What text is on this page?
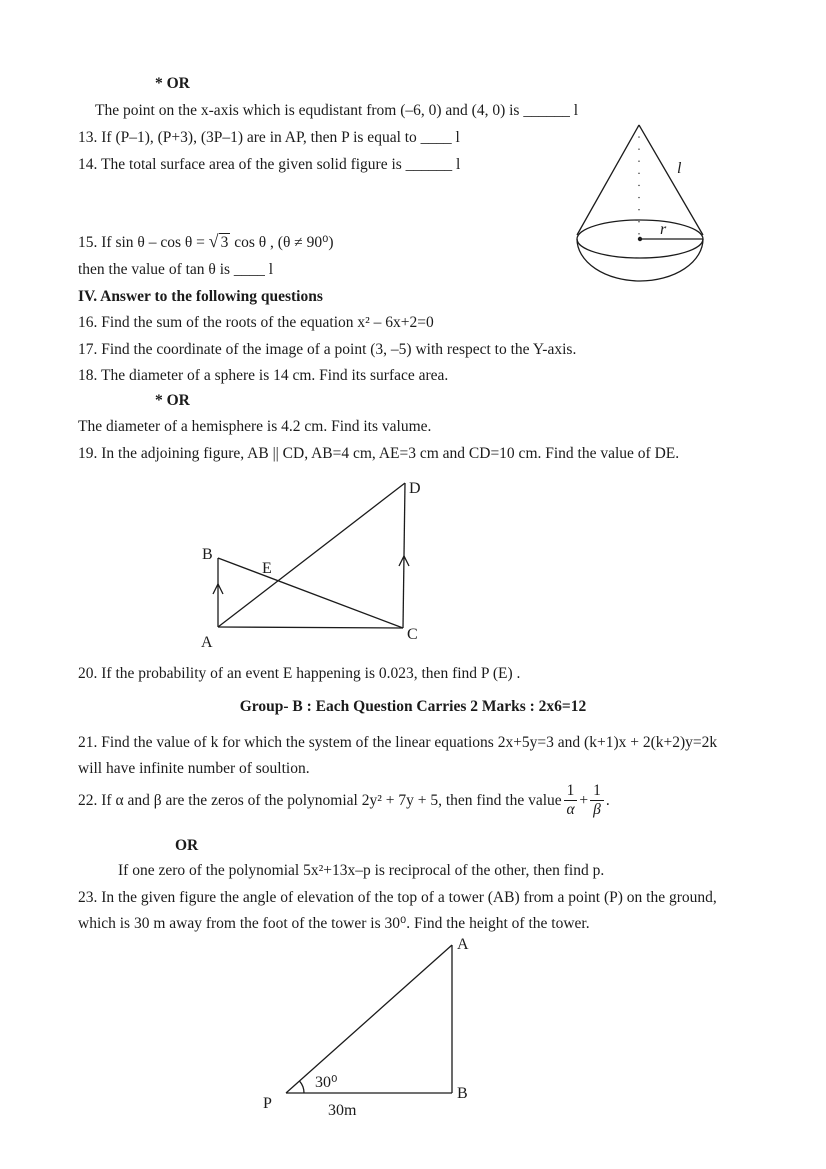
* OR
The point on the x-axis which is equdistant from (–6, 0) and (4, 0) is ______ l
13. If (P–1), (P+3), (3P–1) are in AP, then P is equal to ____ l
14. The total surface area of the given solid figure is ______ l	l
r
15. If sin θ – cos θ = √ 3 cos θ , (θ ≠ 90⁰)
then the value of tan θ is ____ l
IV. Answer to the following questions
16. Find the sum of the roots of the equation x² – 6x+2=0
17. Find the coordinate of the image of a point (3, –5) with respect to the Y-axis.
18. The diameter of a sphere is 14 cm. Find its surface area.
* OR
The diameter of a hemisphere is 4.2 cm. Find its valume.
19. In the adjoining figure, AB || CD, AB=4 cm, AE=3 cm and CD=10 cm. Find the value of DE.
A
B
C
D
E
20. If the probability of an event E happening is 0.023, then find P (E) .
Group- B : Each Question Carries 2 Marks : 2x6=12
21. Find the value of k for which the system of the linear equations 2x+5y=3 and (k+1)x + 2(k+2)y=2k
will have infinite number of soultion.
22. If α and β are the zeros of the polynomial 2y² + 7y + 5, then find the value $\frac{1}{\alpha} + \frac{1}{\beta}$ .
OR
If one zero of the polynomial 5x²+13x–p is reciprocal of the other, then find p.
23. In the given figure the angle of elevation of the top of a tower (AB) from a point (P) on the ground,
which is 30 m away from the foot of the tower is 30⁰. Find the height of the tower.
P
A
B
30⁰
30m
